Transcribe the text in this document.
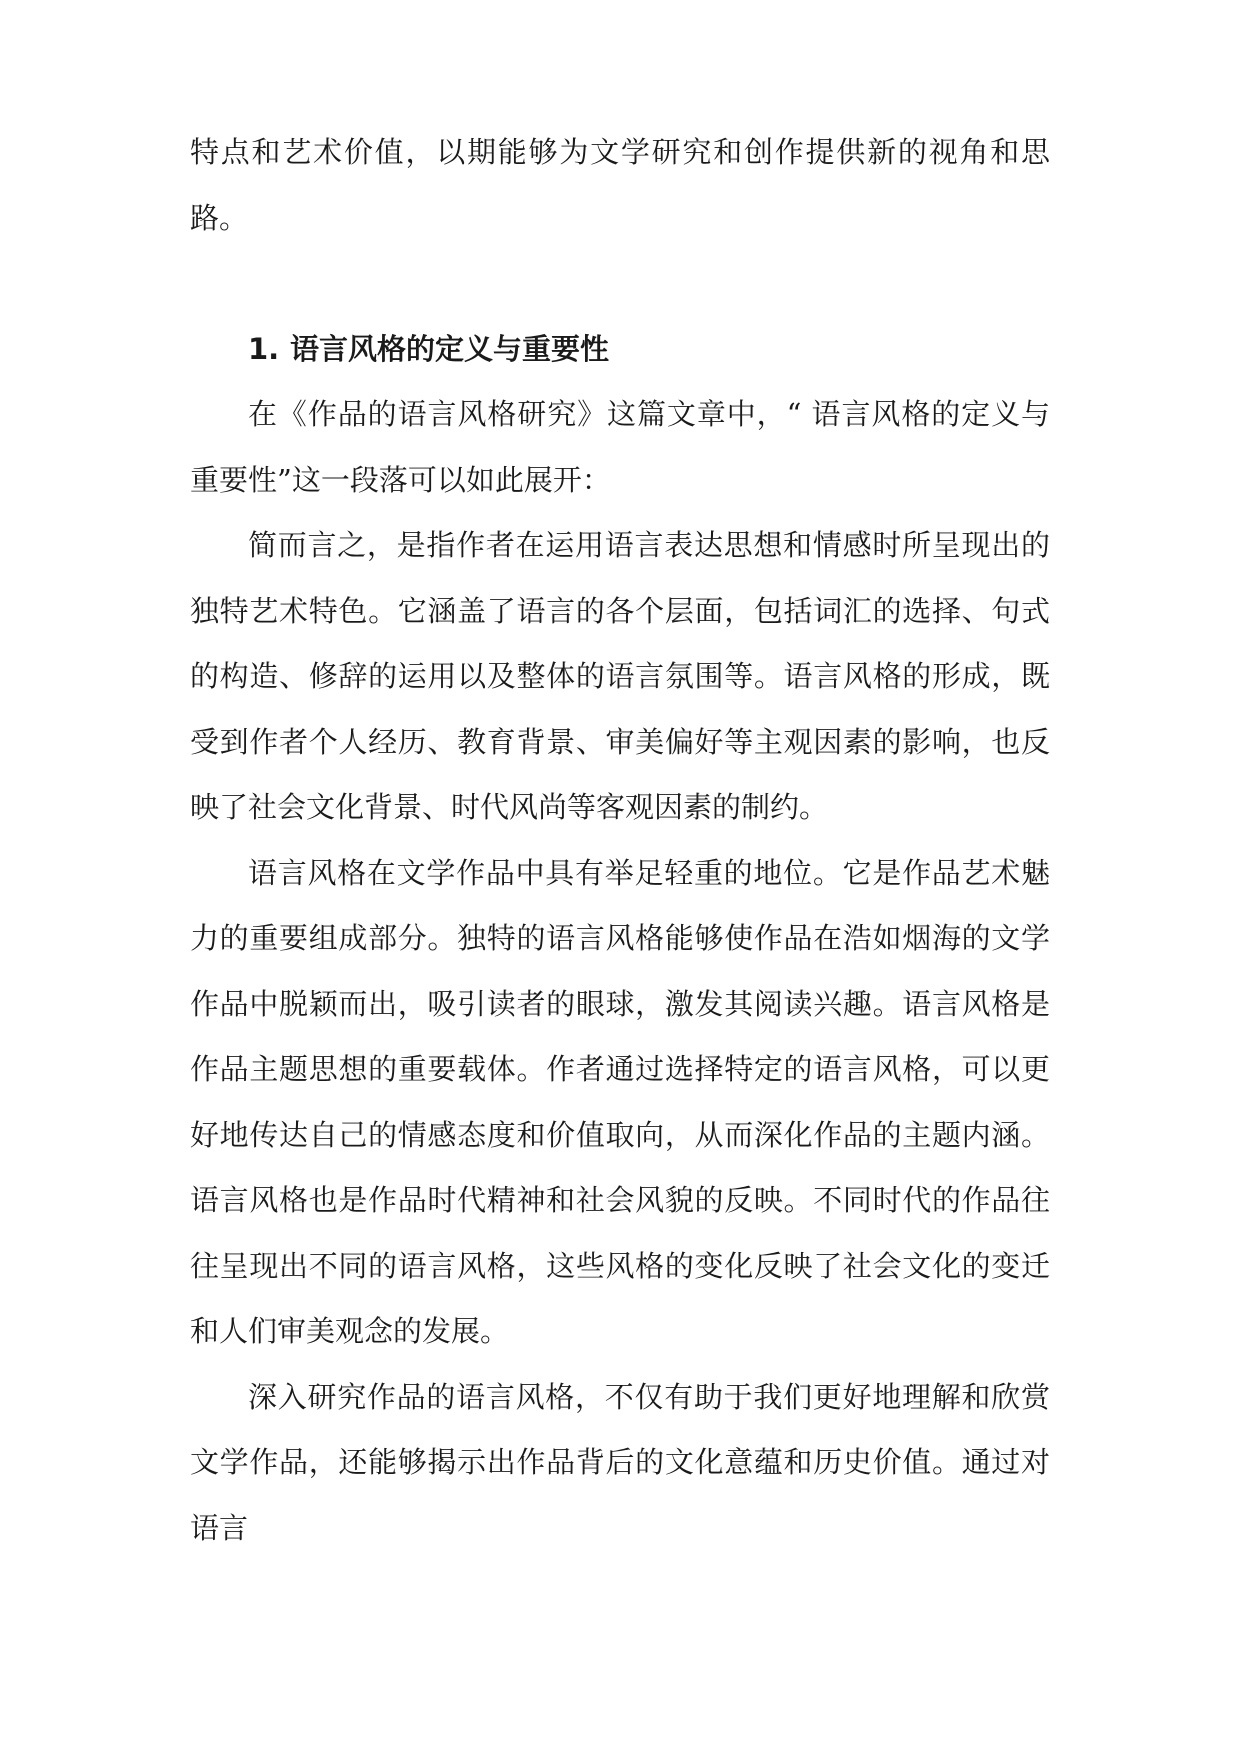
特点和艺术价值，以期能够为文学研究和创作提供新的视角和思路。

1. 语言风格的定义与重要性

在《作品的语言风格研究》这篇文章中，“ 语言风格的定义与重要性”这一段落可以如此展开：

简而言之，是指作者在运用语言表达思想和情感时所呈现出的独特艺术特色。它涵盖了语言的各个层面，包括词汇的选择、句式的构造、修辞的运用以及整体的语言氛围等。语言风格的形成，既受到作者个人经历、教育背景、审美偏好等主观因素的影响，也反映了社会文化背景、时代风尚等客观因素的制约。

语言风格在文学作品中具有举足轻重的地位。它是作品艺术魅力的重要组成部分。独特的语言风格能够使作品在浩如烟海的文学作品中脱颖而出，吸引读者的眼球，激发其阅读兴趣。语言风格是作品主题思想的重要载体。作者通过选择特定的语言风格，可以更好地传达自己的情感态度和价值取向，从而深化作品的主题内涵。语言风格也是作品时代精神和社会风貌的反映。不同时代的作品往往呈现出不同的语言风格，这些风格的变化反映了社会文化的变迁和人们审美观念的发展。

深入研究作品的语言风格，不仅有助于我们更好地理解和欣赏文学作品，还能够揭示出作品背后的文化意蕴和历史价值。通过对语言
